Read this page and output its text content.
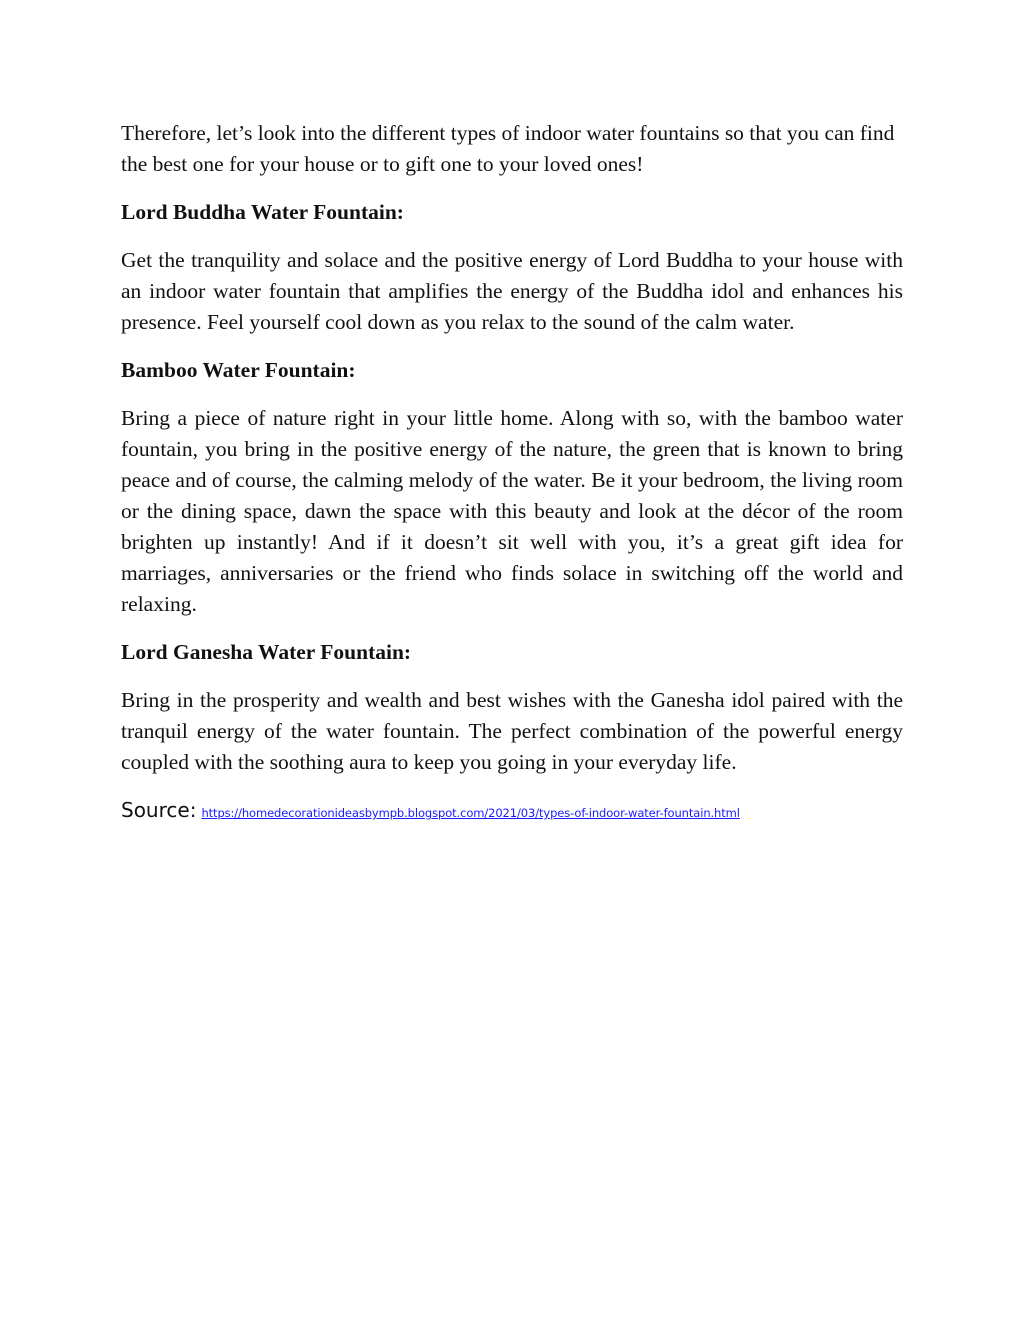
Therefore, let’s look into the different types of indoor water fountains so that you can find the best one for your house or to gift one to your loved ones!

Lord Buddha Water Fountain:

Get the tranquility and solace and the positive energy of Lord Buddha to your house with an indoor water fountain that amplifies the energy of the Buddha idol and enhances his presence. Feel yourself cool down as you relax to the sound of the calm water.

Bamboo Water Fountain:

Bring a piece of nature right in your little home. Along with so, with the bamboo water fountain, you bring in the positive energy of the nature, the green that is known to bring peace and of course, the calming melody of the water. Be it your bedroom, the living room or the dining space, dawn the space with this beauty and look at the décor of the room brighten up instantly! And if it doesn’t sit well with you, it’s a great gift idea for marriages, anniversaries or the friend who finds solace in switching off the world and relaxing.

Lord Ganesha Water Fountain:

Bring in the prosperity and wealth and best wishes with the Ganesha idol paired with the tranquil energy of the water fountain. The perfect combination of the powerful energy coupled with the soothing aura to keep you going in your everyday life.

Source: https://homedecorationideasbympb.blogspot.com/2021/03/types-of-indoor-water-fountain.html
